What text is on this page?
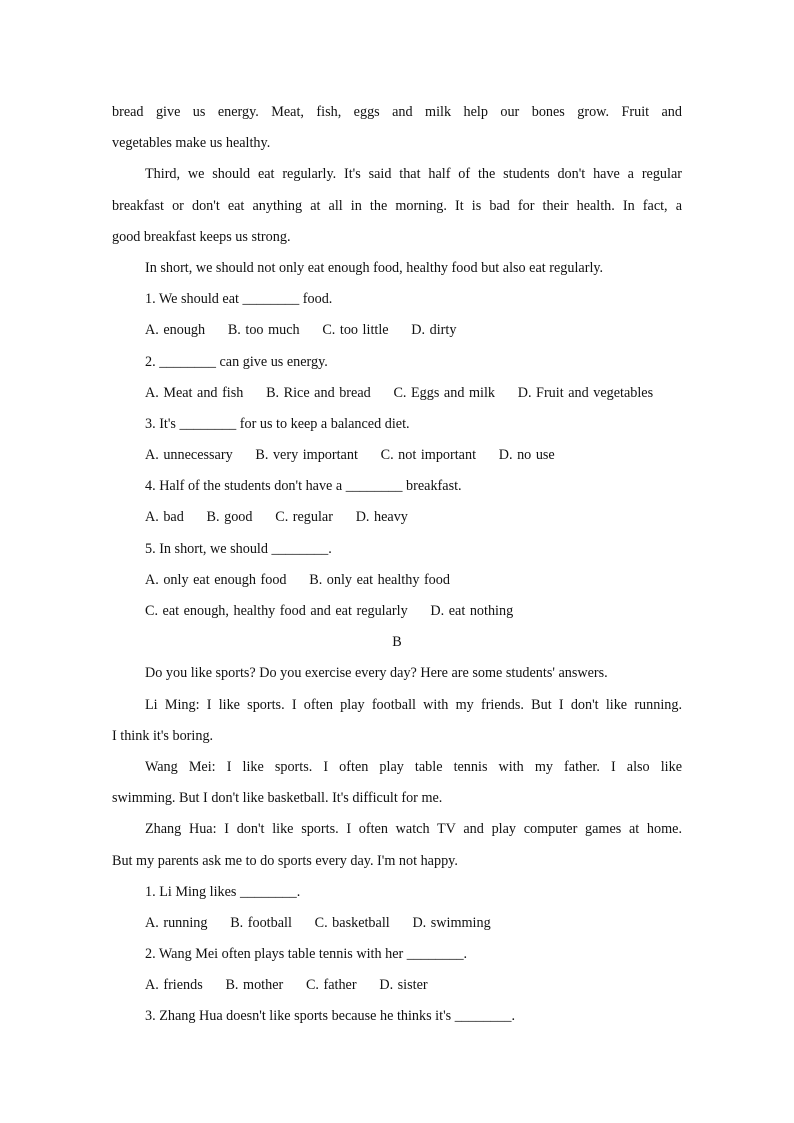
bread give us energy. Meat, fish, eggs and milk help our bones grow. Fruit and
vegetables make us healthy.
Third, we should eat regularly. It's said that half of the students don't have a regular
breakfast or don't eat anything at all in the morning. It is bad for their health. In fact, a
good breakfast keeps us strong.
In short, we should not only eat enough food, healthy food but also eat regularly.
1. We should eat ________ food.
A. enough     B. too much     C. too little     D. dirty
2. ________ can give us energy.
A. Meat and fish     B. Rice and bread     C. Eggs and milk     D. Fruit and vegetables
3. It's ________ for us to keep a balanced diet.
A. unnecessary     B. very important     C. not important     D. no use
4. Half of the students don't have a ________ breakfast.
A. bad     B. good     C. regular     D. heavy
5. In short, we should ________.
A. only eat enough food     B. only eat healthy food
C. eat enough, healthy food and eat regularly     D. eat nothing
B
Do you like sports? Do you exercise every day? Here are some students' answers.
Li Ming: I like sports. I often play football with my friends. But I don't like running.
I think it's boring.
Wang Mei: I like sports. I often play table tennis with my father. I also like
swimming. But I don't like basketball. It's difficult for me.
Zhang Hua: I don't like sports. I often watch TV and play computer games at home.
But my parents ask me to do sports every day. I'm not happy.
1. Li Ming likes ________.
A. running     B. football     C. basketball     D. swimming
2. Wang Mei often plays table tennis with her ________.
A. friends     B. mother     C. father     D. sister
3. Zhang Hua doesn't like sports because he thinks it's ________.
